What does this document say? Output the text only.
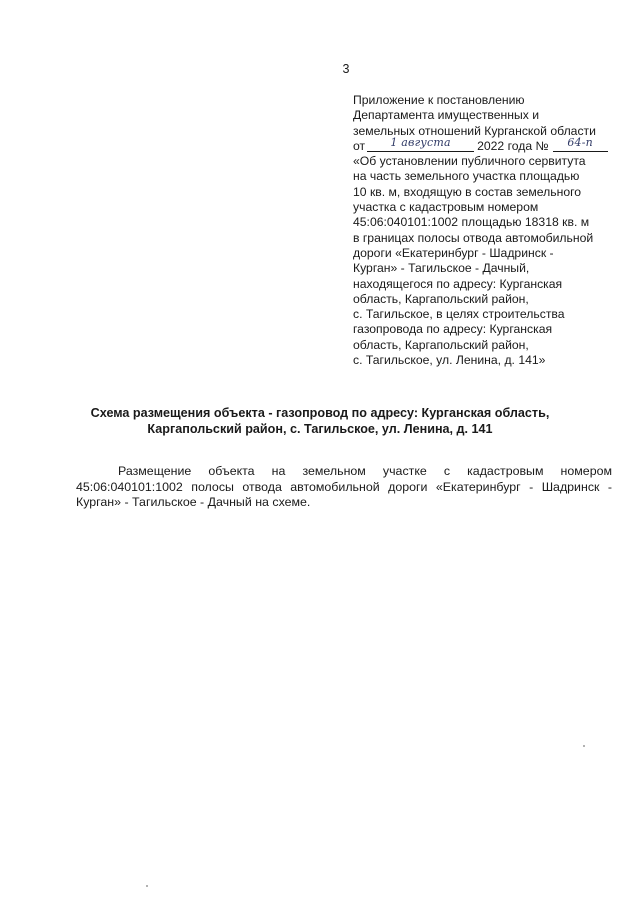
3
Приложение к постановлению
Департамента имущественных и
земельных отношений Курганской области
от 1 августа 2022 года № 64-п
«Об установлении публичного сервитута
на часть земельного участка площадью
10 кв. м, входящую в состав земельного
участка с кадастровым номером
45:06:040101:1002 площадью 18318 кв. м
в границах полосы отвода автомобильной
дороги «Екатеринбург - Шадринск -
Курган» - Тагильское - Дачный,
находящегося по адресу: Курганская
область, Каргапольский район,
с. Тагильское, в целях строительства
газопровода по адресу: Курганская
область, Каргапольский район,
с. Тагильское, ул. Ленина, д. 141»
Схема размещения объекта - газопровод по адресу: Курганская область,
Каргапольский район, с. Тагильское, ул. Ленина, д. 141
Размещение объекта на земельном участке с кадастровым номером 45:06:040101:1002 полосы отвода автомобильной дороги «Екатеринбург - Шадринск - Курган» - Тагильское - Дачный на схеме.
